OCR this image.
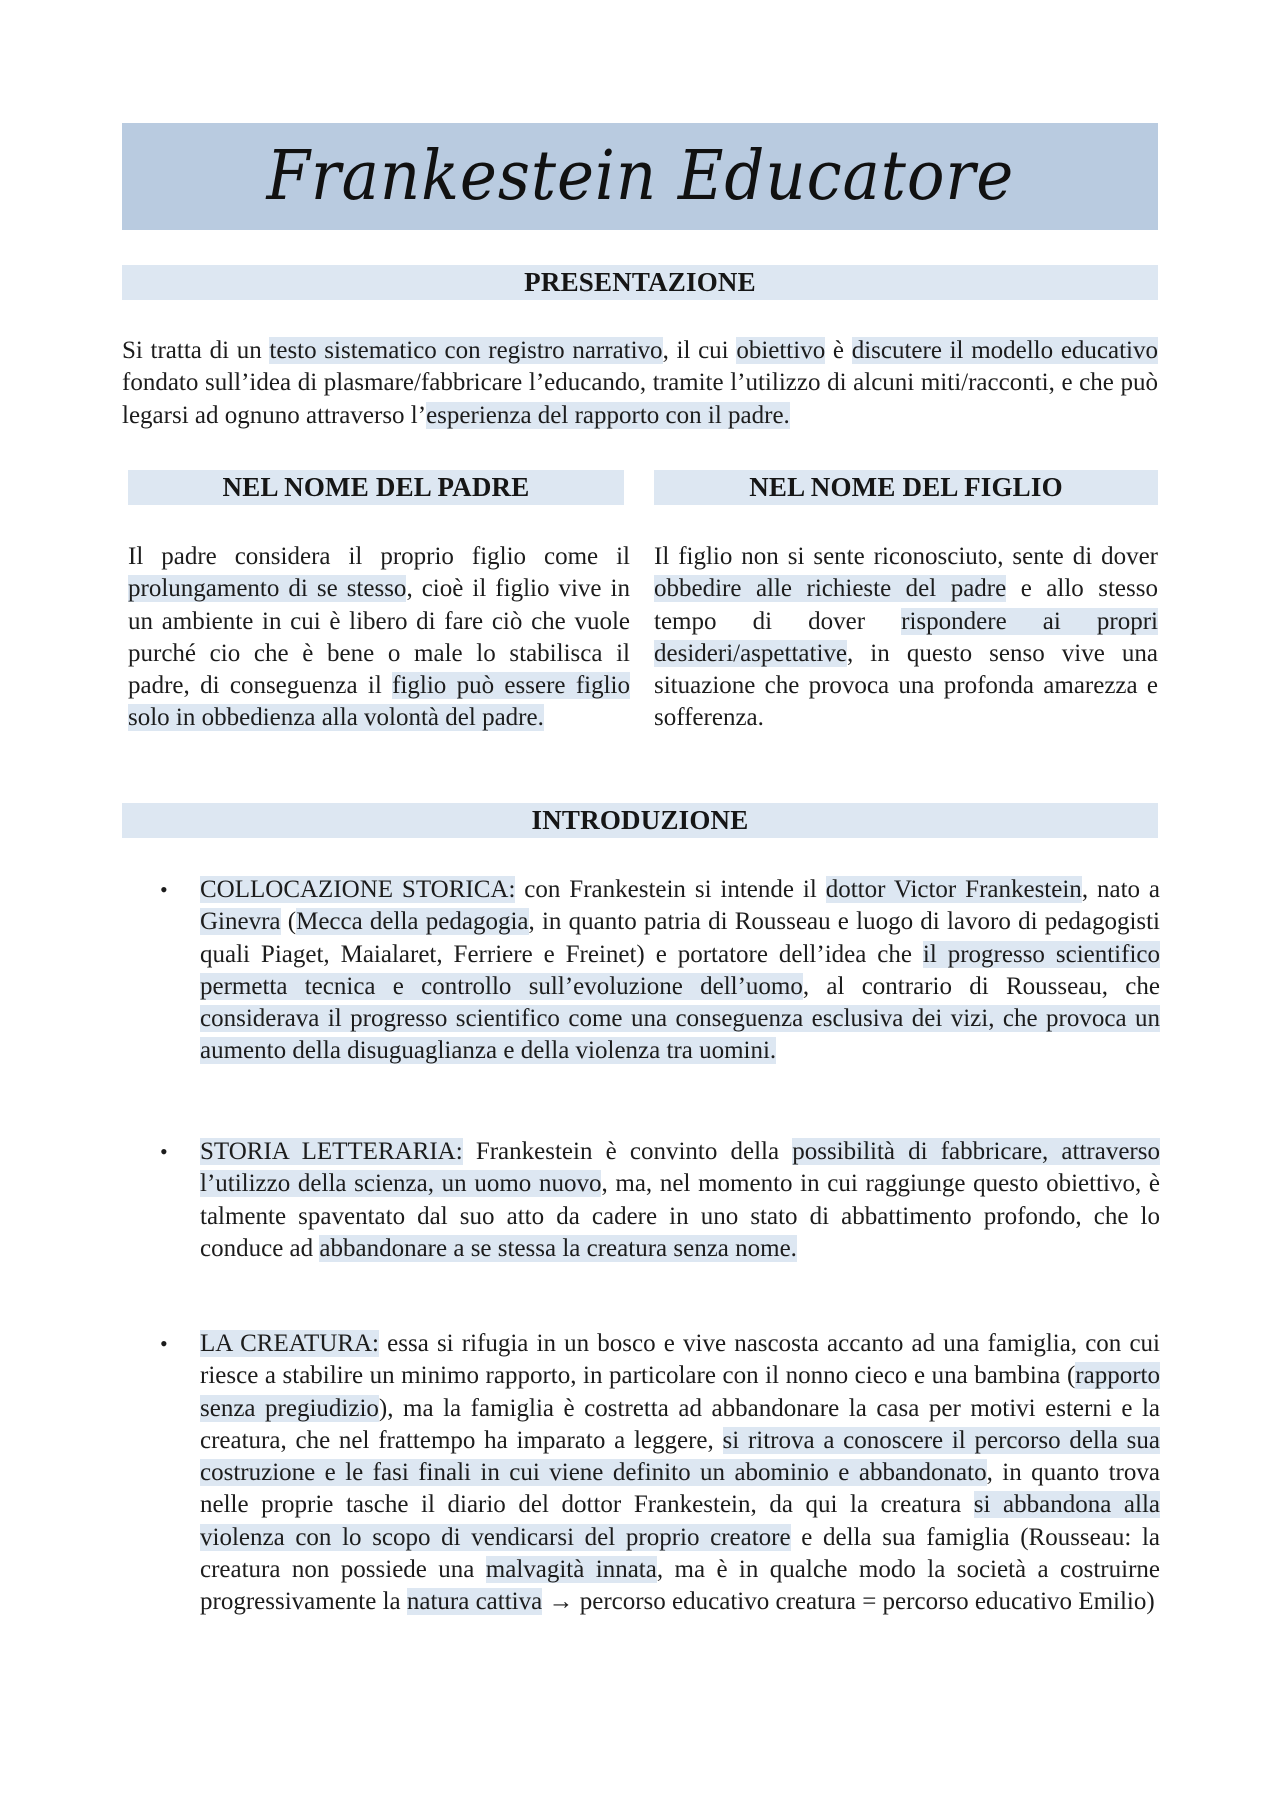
Frankestein Educatore
PRESENTAZIONE
Si tratta di un testo sistematico con registro narrativo, il cui obiettivo è discutere il modello educativo fondato sull’idea di plasmare/fabbricare l’educando, tramite l’utilizzo di alcuni miti/racconti, e che può legarsi ad ognuno attraverso l’esperienza del rapporto con il padre.
NEL NOME DEL PADRE	NEL NOME DEL FIGLIO
Il padre considera il proprio figlio come il prolungamento di se stesso, cioè il figlio vive in un ambiente in cui è libero di fare ciò che vuole purché cio che è bene o male lo stabilisca il padre, di conseguenza il figlio può essere figlio solo in obbedienza alla volontà del padre.
Il figlio non si sente riconosciuto, sente di dover obbedire alle richieste del padre e allo stesso tempo di dover rispondere ai propri desideri/aspettative, in questo senso vive una situazione che provoca una profonda amarezza e sofferenza.
INTRODUZIONE
•	COLLOCAZIONE STORICA: con Frankestein si intende il dottor Victor Frankestein, nato a Ginevra (Mecca della pedagogia, in quanto patria di Rousseau e luogo di lavoro di pedagogisti quali Piaget, Maialaret, Ferriere e Freinet) e portatore dell’idea che il progresso scientifico permetta tecnica e controllo sull’evoluzione dell’uomo, al contrario di Rousseau, che considerava il progresso scientifico come una conseguenza esclusiva dei vizi, che provoca un aumento della disuguaglianza e della violenza tra uomini.
•	STORIA LETTERARIA: Frankestein è convinto della possibilità di fabbricare, attraverso l’utilizzo della scienza, un uomo nuovo, ma, nel momento in cui raggiunge questo obiettivo, è talmente spaventato dal suo atto da cadere in uno stato di abbattimento profondo, che lo conduce ad abbandonare a se stessa la creatura senza nome.
•	LA CREATURA: essa si rifugia in un bosco e vive nascosta accanto ad una famiglia, con cui riesce a stabilire un minimo rapporto, in particolare con il nonno cieco e una bambina (rapporto senza pregiudizio), ma la famiglia è costretta ad abbandonare la casa per motivi esterni e la creatura, che nel frattempo ha imparato a leggere, si ritrova a conoscere il percorso della sua costruzione e le fasi finali in cui viene definito un abominio e abbandonato, in quanto trova nelle proprie tasche il diario del dottor Frankestein, da qui la creatura si abbandona alla violenza con lo scopo di vendicarsi del proprio creatore e della sua famiglia (Rousseau: la creatura non possiede una malvagità innata, ma è in qualche modo la società a costruirne progressivamente la natura cattiva → percorso educativo creatura = percorso educativo Emilio)
